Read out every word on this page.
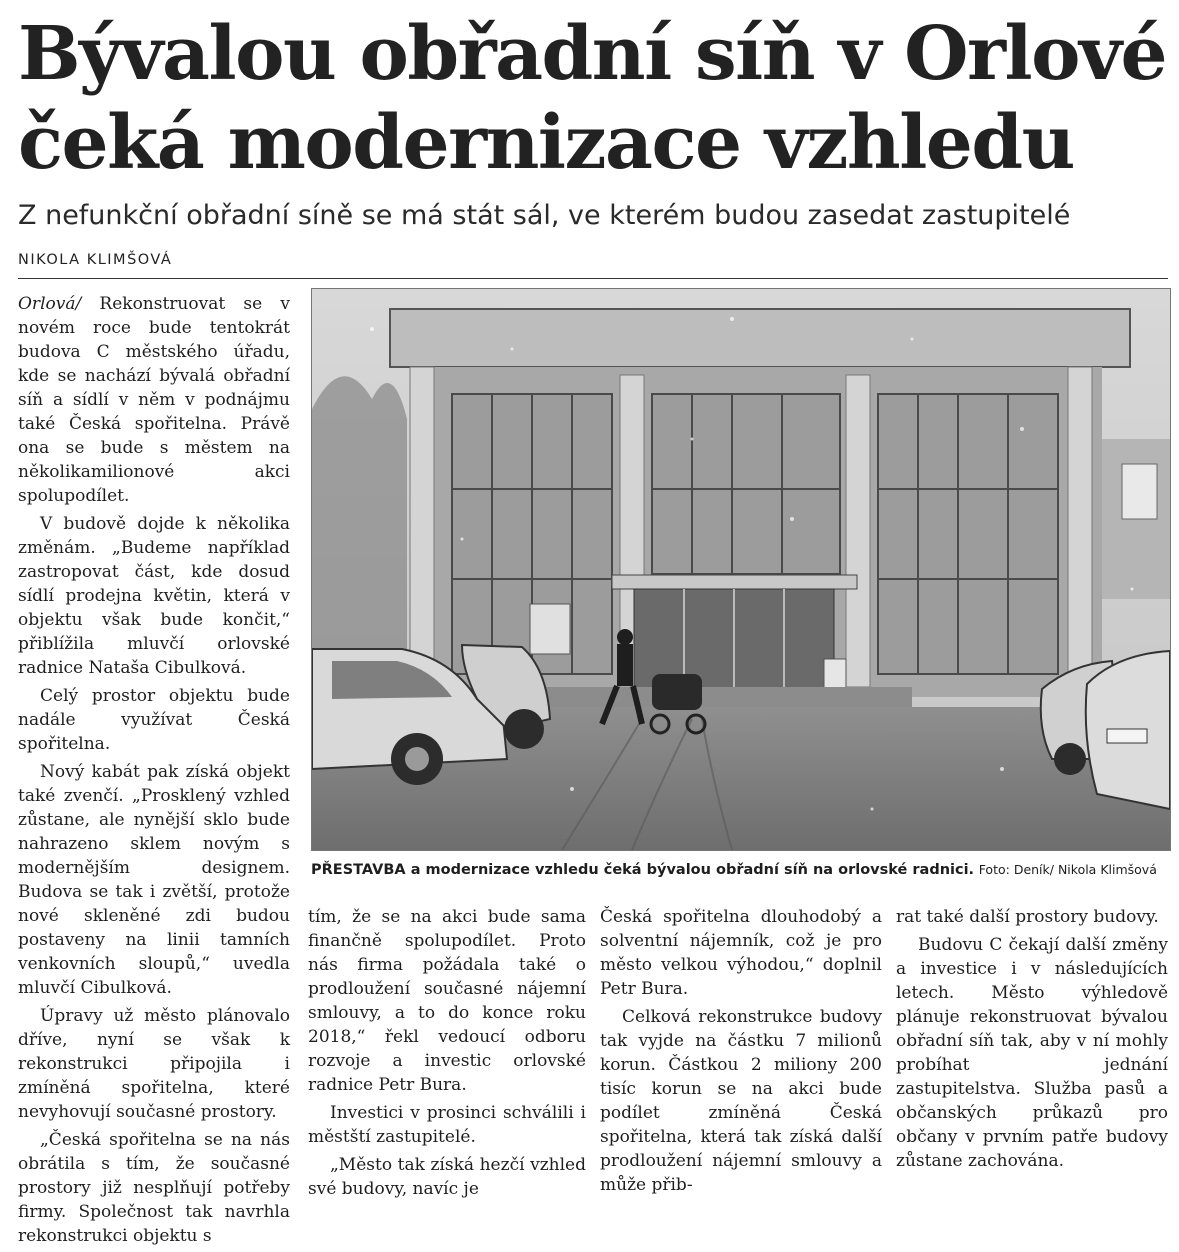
Bývalou obřadní síň v Orlové
čeká modernizace vzhledu
Z nefunkční obřadní síně se má stát sál, ve kterém budou zasedat zastupitelé
NIKOLA KLIMŠOVÁ

Orlová/ Rekonstruovat se v novém roce bude tentokrát budova C městského úřadu, kde se nachází bývalá obřadní síň a sídlí v něm v podnájmu také Česká spořitelna. Právě ona se bude s městem na několikamilionové akci spolupodílet.

V budově dojde k několika změnám. „Budeme například zastropovat část, kde dosud sídlí prodejna květin, která v objektu však bude končit,“ přiblížila mluvčí orlovské radnice Nataša Cibulková.

Celý prostor objektu bude nadále využívat Česká spořitelna.

Nový kabát pak získá objekt také zvenčí. „Prosklený vzhled zůstane, ale nynější sklo bude nahrazeno sklem novým s modernějším designem. Budova se tak i zvětší, protože nové skleněné zdi budou postaveny na linii tamních venkovních sloupů,“ uvedla mluvčí Cibulková.

Úpravy už město plánovalo dříve, nyní se však k rekonstrukci připojila i zmíněná spořitelna, které nevyhovují současné prostory.

„Česká spořitelna se na nás obrátila s tím, že současné prostory již nesplňují potřeby firmy. Společnost tak navrhla rekonstrukci objektu s

PŘESTAVBA a modernizace vzhledu čeká bývalou obřadní síň na orlovské radnici. Foto: Deník/ Nikola Klimšová

tím, že se na akci bude sama finančně spolupodílet. Proto nás firma požádala také o prodloužení současné nájemní smlouvy, a to do konce roku 2018,“ řekl vedoucí odboru rozvoje a investic orlovské radnice Petr Bura.

Investici v prosinci schválili i městští zastupitelé.

„Město tak získá hezčí vzhled své budovy, navíc je

Česká spořitelna dlouhodobý a solventní nájemník, což je pro město velkou výhodou,“ doplnil Petr Bura.

Celková rekonstrukce budovy tak vyjde na částku 7 milionů korun. Částkou 2 miliony 200 tisíc korun se na akci bude podílet zmíněná Česká spořitelna, která tak získá další prodloužení nájemní smlouvy a může přib-

rat také další prostory budovy.

Budovu C čekají další změny a investice i v následujících letech. Město výhledově plánuje rekonstruovat bývalou obřadní síň tak, aby v ní mohly probíhat jednání zastupitelstva. Služba pasů a občanských průkazů pro občany v prvním patře budovy zůstane zachována.
